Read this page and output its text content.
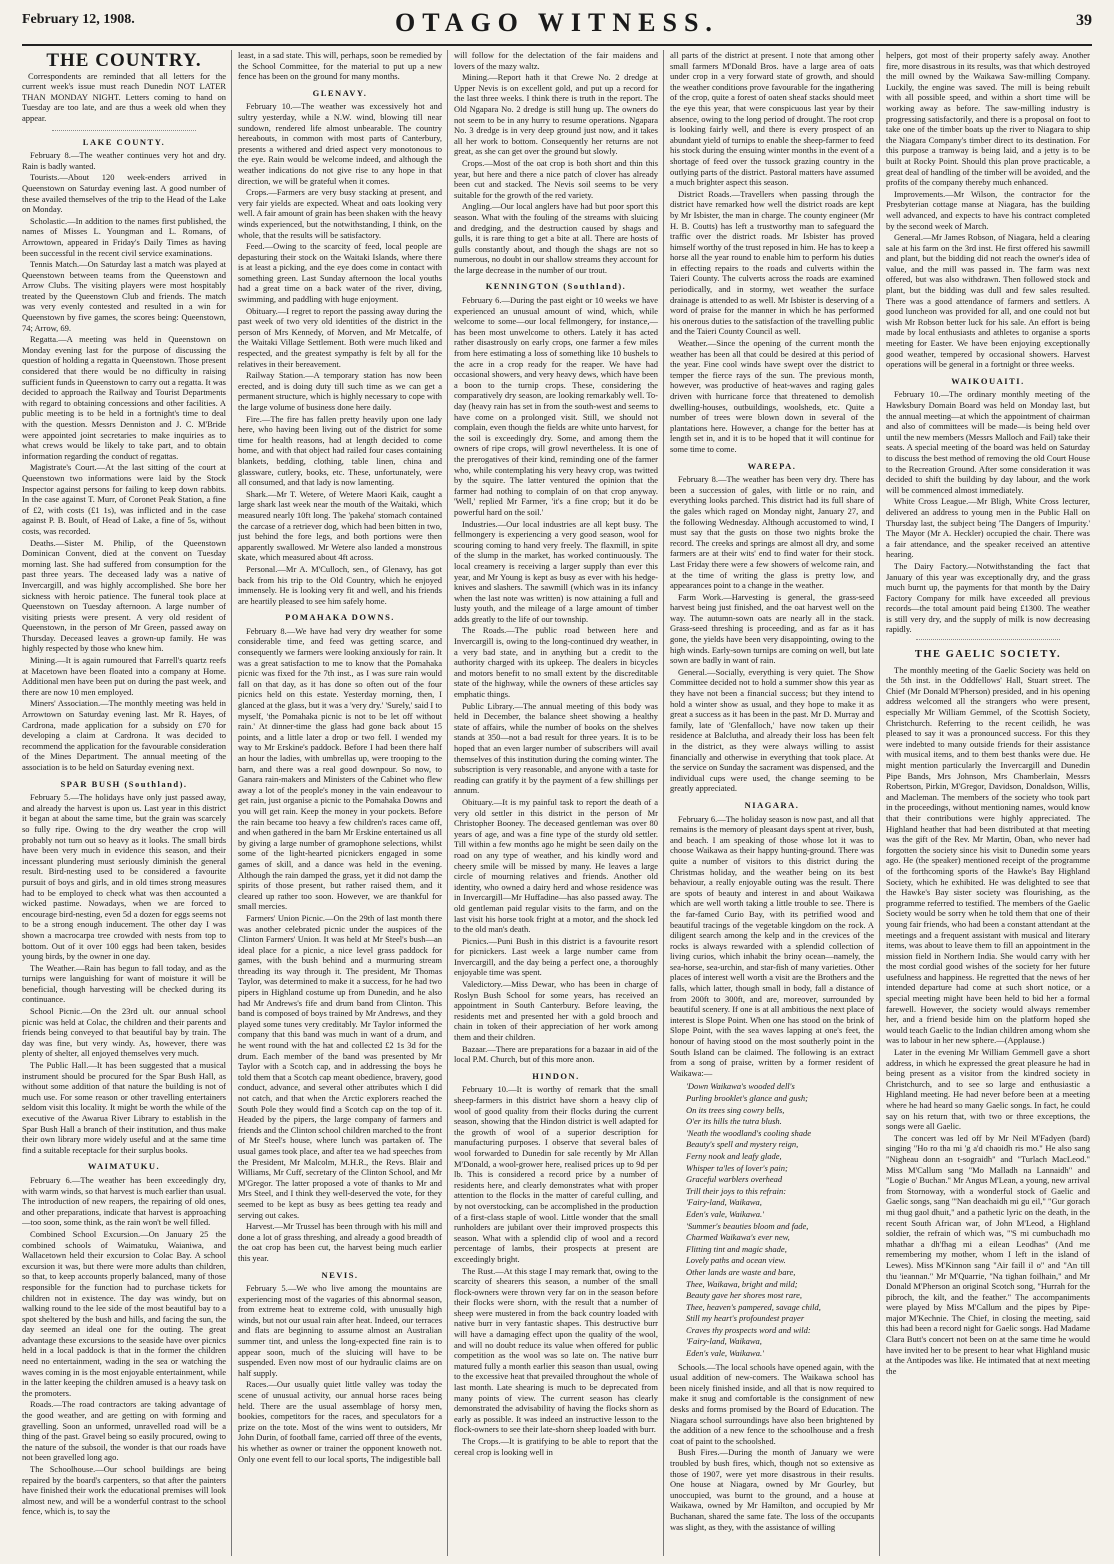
February 12, 1908.	OTAGO WITNESS.	39
THE COUNTRY.

Correspondents are reminded that all letters for the current week's issue must reach Dunedin NOT LATER THAN MONDAY NIGHT. Letters coming to hand on Tuesday are too late, and are thus a week old when they appear.

LAKE COUNTY.

February 8.—The weather continues very hot and dry. Rain is badly wanted.

Tourists.—About 120 week-enders arrived in Queenstown on Saturday evening last. A good number of these availed themselves of the trip to the Head of the Lake on Monday.

Scholastic.—In addition to the names first published, the names of Misses L. Youngman and L. Romans, of Arrowtown, appeared in Friday's Daily Times as having been successful in the recent civil service examinations.

Tennis Match.—On Saturday last a match was played at Queenstown between teams from the Queenstown and Arrow Clubs. The visiting players were most hospitably treated by the Queenstown Club and friends. The match was very evenly contested and resulted in a win for Queenstown by five games, the scores being: Queenstown, 74; Arrow, 69.

Regatta.—A meeting was held in Queenstown on Monday evening last for the purpose of discussing the question of holding a regatta in Queenstown. Those present considered that there would be no difficulty in raising sufficient funds in Queenstown to carry out a regatta. It was decided to approach the Railway and Tourist Departments with regard to obtaining concessions and other facilities. A public meeting is to be held in a fortnight's time to deal with the question. Messrs Denniston and J. C. M'Bride were appointed joint secretaries to make inquiries as to what crews would be likely to take part, and to obtain information regarding the conduct of regattas.

Magistrate's Court.—At the last sitting of the court at Queenstown two informations were laid by the Stock Inspector against persons for failing to keep down rabbits. In the case against T. Murr, of Coronet Peak Station, a fine of £2, with costs (£1 1s), was inflicted and in the case against P. B. Boult, of Head of Lake, a fine of 5s, without costs, was recorded.

Deaths.—Sister M. Philip, of the Queenstown Dominican Convent, died at the convent on Tuesday morning last. She had suffered from consumption for the past three years. The deceased lady was a native of Invercargill, and was highly accomplished. She bore her sickness with heroic patience. The funeral took place at Queenstown on Tuesday afternoon. A large number of visiting priests were present. A very old resident of Queenstown, in the person of Mr Green, passed away on Thursday. Deceased leaves a grown-up family. He was highly respected by those who knew him.

Mining.—It is again rumoured that Farrell's quartz reefs at Macetown have been floated into a company at Home. Additional men have been put on during the past week, and there are now 10 men employed.

Miners' Association.—The monthly meeting was held in Arrowtown on Saturday evening last. Mr R. Hayes, of Cardrona, made application for a subsidy on £70 for developing a claim at Cardrona. It was decided to recommend the application for the favourable consideration of the Mines Department. The annual meeting of the association is to be held on Saturday evening next.

SPAR BUSH (Southland).

February 5.—The holidays have only just passed away, and already the harvest is upon us. Last year in this district it began at about the same time, but the grain was scarcely so fully ripe. Owing to the dry weather the crop will probably not turn out so heavy as it looks. The small birds have been very much in evidence this season, and their incessant plundering must seriously diminish the general result. Bird-nesting used to be considered a favourite pursuit of boys and girls, and in old times strong measures had to be employed to check what was then accounted a wicked pastime. Nowadays, when we are forced to encourage bird-nesting, even 5d a dozen for eggs seems not to be a strong enough inducement. The other day I was shown a macrocarpa tree crowded with nests from top to bottom. Out of it over 100 eggs had been taken, besides young birds, by the owner in one day.

The Weather.—Rain has begun to fall today, and as the turnips were languishing for want of moisture it will be beneficial, though harvesting will be checked during its continuance.

School Picnic.—On the 23rd ult. our annual school picnic was held at Colac, the children and their parents and friends being conveyed to that beautiful bay by train. The day was fine, but very windy. As, however, there was plenty of shelter, all enjoyed themselves very much.

The Public Hall.—It has been suggested that a musical instrument should be procured for the Spar Bush Hall, as without some addition of that nature the building is not of much use. For some reason or other travelling entertainers seldom visit this locality. It might be worth the while of the executive of the Awarua River Library to establish in the Spar Bush Hall a branch of their institution, and thus make their own library more widely useful and at the same time find a suitable receptacle for their surplus books.

WAIMATUKU.

February 6.—The weather has been exceedingly dry, with warm winds, so that harvest is much earlier than usual. The introduction of new reapers, the repairing of old ones, and other preparations, indicate that harvest is approaching—too soon, some think, as the rain won't be well filled.

Combined School Excursion.—On January 25 the combined schools of Waimatuku, Waianiwa, and Wallacetown held their excursion to Colac Bay. A school excursion it was, but there were more adults than children, so that, to keep accounts properly balanced, many of those responsible for the function had to purchase tickets for children not in existence. The day was windy, but on walking round to the lee side of the most beautiful bay to a spot sheltered by the bush and hills, and facing the sun, the day seemed an ideal one for the outing. The great advantage these excursions to the seaside have over picnics held in a local paddock is that in the former the children need no entertainment, wading in the sea or watching the waves coming in is the most enjoyable entertainment, while in the latter keeping the children amused is a heavy task on the promoters.

Roads.—The road contractors are taking advantage of the good weather, and are getting on with forming and gravelling. Soon an unformed, unravelled road will be a thing of the past. Gravel being so easily procured, owing to the nature of the subsoil, the wonder is that our roads have not been gravelled long ago.

The Schoolhouse.—Our school buildings are being repaired by the board's carpenters, so that after the painters have finished their work the educational premises will look almost new, and will be a wonderful contrast to the school fence, which is, to say the

least, in a sad state. This will, perhaps, soon be remedied by the School Committee, for the material to put up a new fence has been on the ground for many months.

GLENAVY.

February 10.—The weather was excessively hot and sultry yesterday, while a N.W. wind, blowing till near sundown, rendered life almost unbearable. The country hereabouts, in common with most parts of Canterbury, presents a withered and dried aspect very monotonous to the eye. Rain would be welcome indeed, and although the weather indications do not give rise to any hope in that direction, we will be grateful when it comes.

Crops.—Farmers are very busy stacking at present, and very fair yields are expected. Wheat and oats looking very well. A fair amount of grain has been shaken with the heavy winds experienced, but the notwithstanding, I think, on the whole, that the results will be satisfactory.

Feed.—Owing to the scarcity of feed, local people are depasturing their stock on the Waitaki Islands, where there is at least a picking, and the eye does come in contact with something green. Last Sunday afternoon the local youths had a great time on a back water of the river, diving, swimming, and paddling with huge enjoyment.

Obituary.—I regret to report the passing away during the past week of two very old identities of the district in the person of Mrs Kennedy, of Morven, and Mr Metcalfe, of the Waitaki Village Settlement. Both were much liked and respected, and the greatest sympathy is felt by all for the relatives in their bereavement.

Railway Station.—A temporary station has now been erected, and is doing duty till such time as we can get a permanent structure, which is highly necessary to cope with the large volume of business done here daily.

Fire.—The fire has fallen pretty heavily upon one lady here, who having been living out of the district for some time for health reasons, had at length decided to come home, and with that object had railed four cases containing blankets, bedding, clothing, table linen, china and glassware, cutlery, books, etc. These, unfortunately, were all consumed, and that lady is now lamenting.

Shark.—Mr T. Wetere, of Wetere Maori Kaik, caught a large shark last week near the mouth of the Waitaki, which measured nearly 10ft long. The 'pakeha' stomach contained the carcase of a retriever dog, which had been bitten in two, just behind the fore legs, and both portions were then apparently swallowed. Mr Wetere also landed a monstrous skate, which measured about 4ft across.

Personal.—Mr A. M'Culloch, sen., of Glenavy, has got back from his trip to the Old Country, which he enjoyed immensely. He is looking very fit and well, and his friends are heartily pleased to see him safely home.

POMAHAKA DOWNS.

February 8.—We have had very dry weather for some considerable time, and feed was getting scarce, and consequently we farmers were looking anxiously for rain. It was a great satisfaction to me to know that the Pomahaka picnic was fixed for the 7th inst., as I was sure rain would fall on that day, as it has done so often out of the four picnics held on this estate. Yesterday morning, then, I glanced at the glass, but it was a 'very dry.' 'Surely,' said I to myself, 'the Pomahaka picnic is not to be let off without rain.' At dinner-time the glass had gone back about 15 points, and a little later a drop or two fell. I wended my way to Mr Erskine's paddock. Before I had been there half an hour the ladies, with umbrellas up, were trooping to the barn, and there was a real good downpour. So now, to Ganara rain-makers and Ministers of the Cabinet who flew away a lot of the people's money in the vain endeavour to get rain, just organise a picnic to the Pomahaka Downs and you will get rain. Keep the money in your pockets. Before the rain became too heavy a few children's races came off, and when gathered in the barn Mr Erskine entertained us all by giving a large number of gramophone selections, whilst some of the light-hearted picnickers engaged in some games of skill, and a dance was held in the evening. Although the rain damped the grass, yet it did not damp the spirits of those present, but rather raised them, and it cleared up rather too soon. However, we are thankful for small mercies.

Farmers' Union Picnic.—On the 29th of last month there was another celebrated picnic under the auspices of the Clinton Farmers' Union. It was held at Mr Steel's bush—an ideal place for a picnic, a nice level grass paddock for games, with the bush behind and a murmuring stream threading its way through it. The president, Mr Thomas Taylor, was determined to make it a success, for he had two pipers in Highland costume up from Dunedin, and he also had Mr Andrews's fife and drum band from Clinton. This band is composed of boys trained by Mr Andrews, and they played some tunes very creditably. Mr Taylor informed the company that this band was much in want of a drum, and he went round with the hat and collected £2 1s 3d for the drum. Each member of the band was presented by Mr Taylor with a Scotch cap, and in addressing the boys he told them that a Scotch cap meant obedience, bravery, good conduct, advance, and several other attributes which I did not catch, and that when the Arctic explorers reached the South Pole they would find a Scotch cap on the top of it. Headed by the pipers, the large company of farmers and friends and the Clinton school children marched to the front of Mr Steel's house, where lunch was partaken of. The usual games took place, and after tea we had speeches from the President, Mr Malcolm, M.H.R., the Revs. Blair and Williams, Mr Cuff, secretary of the Clinton School, and Mr M'Gregor. The latter proposed a vote of thanks to Mr and Mrs Steel, and I think they well-deserved the vote, for they seemed to be kept as busy as bees getting tea ready and serving out cakes.

Harvest.—Mr Trussel has been through with his mill and done a lot of grass threshing, and already a good breadth of the oat crop has been cut, the harvest being much earlier this year.

NEVIS.

February 5.—We who live among the mountains are experiencing most of the vagaries of this abnormal season, from extreme heat to extreme cold, with unusually high winds, but not our usual rain after heat. Indeed, our terraces and flats are beginning to assume almost an Australian summer tint, and unless the long-expected fine rain is to appear soon, much of the sluicing will have to be suspended. Even now most of our hydraulic claims are on half supply.

Races.—Our usually quiet little valley was today the scene of unusual activity, our annual horse races being held. There are the usual assemblage of horsy men, bookies, competitors for the races, and speculators for a prize on the tote. Most of the wins went to outsiders, Mr John Durin, of football fame, carried off three of the events, his whether as owner or trainer the opponent knoweth not. Only one event fell to our local sports, The indigestible ball

will follow for the delectation of the fair maidens and lovers of the mazy waltz.

Mining.—Report hath it that Crewe No. 2 dredge at Upper Nevis is on excellent gold, and put up a record for the last three weeks. I think there is truth in the report. The Old Ngapara No. 2 dredge is still hung up. The owners do not seem to be in any hurry to resume operations. Ngapara No. 3 dredge is in very deep ground just now, and it takes all her work to bottom. Consequently her returns are not great, as she can get over the ground but slowly.

Crops.—Most of the oat crop is both short and thin this year, but here and there a nice patch of clover has already been cut and stacked. The Nevis soil seems to be very suitable for the growth of the red variety.

Angling.—Our local anglers have had but poor sport this season. What with the fouling of the streams with sluicing and dredging, and the destruction caused by shags and gulls, it is rare thing to get a bite at all. There are hosts of gulls constantly about, and though the shags are not so numerous, no doubt in our shallow streams they account for the large decrease in the number of our trout.

KENNINGTON (Southland).

February 6.—During the past eight or 10 weeks we have experienced an unusual amount of wind, which, while welcome to some—our local fellmongery, for instance,—has been most unwelcome to others. Lately it has acted rather disastrously on early crops, one farmer a few miles from here estimating a loss of something like 10 bushels to the acre in a crop ready for the reaper. We have had occasional showers, and very heavy dews, which have been a boon to the turnip crops. These, considering the comparatively dry season, are looking remarkably well. To-day (heavy rain has set in from the south-west and seems to have come on a prolonged visit. Still, we should not complain, even though the fields are white unto harvest, for the soil is exceedingly dry. Some, and among them the owners of ripe crops, will growl nevertheless. It is one of the prerogatives of their kind, reminding one of the farmer who, while contemplating his very heavy crop, was twitted by the squire. The latter ventured the opinion that the farmer had nothing to complain of on that crop anyway. 'Well,' replied Mr Farmer, 'it's a fine crop; but it do be powerful hard on the soil.'

Industries.—Our local industries are all kept busy. The fellmongery is experiencing a very good season, wool for scouring coming to hand very freely. The flaxmill, in spite of the slump in the market, has worked continuously. The local creamery is receiving a larger supply than ever this year, and Mr Young is kept as busy as ever with his hedge-knives and slashers. The sawmill (which was in its infancy when the last note was written) is now attaining a full and lusty youth, and the mileage of a large amount of timber adds greatly to the life of our township.

The Roads.—The public road between here and Invercargill is, owing to the long-continued dry weather, in a very bad state, and in anything but a credit to the authority charged with its upkeep. The dealers in bicycles and motors benefit to no small extent by the discreditable state of the highway, while the owners of these articles say emphatic things.

Public Library.—The annual meeting of this body was held in December, the balance sheet showing a healthy state of affairs, while the number of books on the shelves stands at 350—not a bad result for three years. It is to be hoped that an even larger number of subscribers will avail themselves of this institution during the coming winter. The subscription is very reasonable, and anyone with a taste for reading can gratify it by the payment of a few shillings per annum.

Obituary.—It is my painful task to report the death of a very old settler in this district in the person of Mr Christopher Booney. The deceased gentleman was over 80 years of age, and was a fine type of the sturdy old settler. Till within a few months ago he might be seen daily on the road on any type of weather, and his kindly word and cheery smile will be missed by many. He leaves a large circle of mourning relatives and friends. Another old identity, who owned a dairy herd and whose residence was in Invercargill—Mr Huffadine—has also passed away. The old gentleman paid regular visits to the farm, and on the last visit his horse took fright at a motor, and the shock led to the old man's death.

Picnics.—Puni Bush in this district is a favourite resort for picnickers. Last week a large number came from Invercargill, and the day being a perfect one, a thoroughly enjoyable time was spent.

Valedictory.—Miss Dewar, who has been in charge of Roslyn Bush School for some years, has received an appointment in South Canterbury. Before leaving, the residents met and presented her with a gold brooch and chain in token of their appreciation of her work among them and their children.

Bazaar.—There are preparations for a bazaar in aid of the local P.M. Church, but of this more anon.

HINDON.

February 10.—It is worthy of remark that the small sheep-farmers in this district have shorn a heavy clip of wool of good quality from their flocks during the current season, showing that the Hindon district is well adapted for the growth of wool of a superior description for manufacturing purposes. I observe that several bales of wool forwarded to Dunedin for sale recently by Mr Allan M'Donald, a wool-grower here, realised prices up to 9d per lb. This is considered a record price by a number of residents here, and clearly demonstrates what with proper attention to the flocks in the matter of careful culling, and by not overstocking, can be accomplished in the production of a first-class staple of wool. Little wonder that the small runholders are jubilant over their improved prospects this season. What with a splendid clip of wool and a record percentage of lambs, their prospects at present are exceedingly bright.

The Rust.—At this stage I may remark that, owing to the scarcity of shearers this season, a number of the small flock-owners were thrown very far on in the season before their flocks were shorn, with the result that a number of sheep were mustered in from the back country loaded with native burr in very fantastic shapes. This destructive burr will have a damaging effect upon the quality of the wool, and will no doubt reduce its value when offered for public competition as the wool was so late on. The native burr matured fully a month earlier this season than usual, owing to the excessive heat that prevailed throughout the whole of last month. Late shearing is much to be deprecated from many points of view. The current season has clearly demonstrated the advisability of having the flocks shorn as early as possible. It was indeed an instructive lesson to the flock-owners to see their late-shorn sheep loaded with burr.

The Crops.—It is gratifying to be able to report that the cereal crop is looking well in

all parts of the district at present. I note that among other small farmers M'Donald Bros. have a large area of oats under crop in a very forward state of growth, and should the weather conditions prove favourable for the ingathering of the crop, quite a forest of oaten sheaf stacks should meet the eye this year, that were conspicuous last year by their absence, owing to the long period of drought. The root crop is looking fairly well, and there is every prospect of an abundant yield of turnips to enable the sheep-farmer to feed his stock during the ensuing winter months in the event of a shortage of feed over the tussock grazing country in the outlying parts of the district. Pastoral matters have assumed a much brighter aspect this season.

District Roads.—Travellers when passing through the district have remarked how well the district roads are kept by Mr Isbister, the man in charge. The county engineer (Mr H. B. Coutts) has left a trustworthy man to safeguard the traffic over the district roads. Mr Isbister has proved himself worthy of the trust reposed in him. He has to keep a horse all the year round to enable him to perform his duties in effecting repairs to the roads and culverts within the Taieri County. The culverts across the roads are examined periodically, and in stormy, wet weather the surface drainage is attended to as well. Mr Isbister is deserving of a word of praise for the manner in which he has performed his onerous duties to the satisfaction of the travelling public and the Taieri County Council as well.

Weather.—Since the opening of the current month the weather has been all that could be desired at this period of the year. Fine cool winds have swept over the district to temper the fierce rays of the sun. The previous month, however, was productive of heat-waves and raging gales driven with hurricane force that threatened to demolish dwelling-houses, outbuildings, woolsheds, etc. Quite a number of trees were blown down in several of the plantations here. However, a change for the better has at length set in, and it is to be hoped that it will continue for some time to come.

WAREPA.

February 8.—The weather has been very dry. There has been a succession of gales, with little or no rain, and everything looks parched. This district had its full share of the gales which raged on Monday night, January 27, and the following Wednesday. Although accustomed to wind, I must say that the gusts on those two nights broke the record. The creeks and springs are almost all dry, and some farmers are at their wits' end to find water for their stock. Last Friday there were a few showers of welcome rain, and at the time of writing the glass is pretty low, and appearances point to a change in the weather.

Farm Work.—Harvesting is general, the grass-seed harvest being just finished, and the oat harvest well on the way. The autumn-sown oats are nearly all in the stack. Grass-seed threshing is proceeding, and as far as it has gone, the yields have been very disappointing, owing to the high winds. Early-sown turnips are coming on well, but late sown are badly in want of rain.

General.—Socially, everything is very quiet. The Show Committee decided not to hold a summer show this year as they have not been a financial success; but they intend to hold a winter show as usual, and they hope to make it as great a success as it has been in the past. Mr D. Murray and family, late of 'Glenfalloch,' have now taken up their residence at Balclutha, and already their loss has been felt in the district, as they were always willing to assist financially and otherwise in everything that took place. At the service on Sunday the sacrament was dispensed, and the individual cups were used, the change seeming to be greatly appreciated.

NIAGARA.

February 6.—The holiday season is now past, and all that remains is the memory of pleasant days spent at river, bush, and beach. I am speaking of those whose lot it was to choose Waikawa as their happy hunting-ground. There was quite a number of visitors to this district during the Christmas holiday, and the weather being on its best behaviour, a really enjoyable outing was the result. There are spots of beauty and interest in and about Waikawa which are well worth taking a little trouble to see. There is the far-famed Curio Bay, with its petrified wood and beautiful tracings of the vegetable kingdom on the rock. A diligent search among the kelp and in the crevices of the rocks is always rewarded with a splendid collection of living curios, which inhabit the briny ocean—namely, the sea-horse, sea-urchin, and star-fish of many varieties. Other places of interest well worth a visit are the Brothers and the falls, which latter, though small in body, fall a distance of from 200ft to 300ft, and are, moreover, surrounded by beautiful scenery. If one is at all ambitious the next place of interest is Slope Point. When one has stood on the brink of Slope Point, with the sea waves lapping at one's feet, the honour of having stood on the most southerly point in the South Island can be claimed. The following is an extract from a song of praise, written by a former resident of Waikawa:—

'Down Waikawa's wooded dell's

Purling brooklet's glance and gush;

On its trees sing cowry bells,

O'er its hills the tutra blush.

'Neath the woodland's cooling shade

Beauty's spell and mystery reign,

Ferny nook and leafy glade,

Whisper ta'les of lover's pain;

Graceful warblers overhead

Trill their joys to this refrain:

'Fairy-land, Waikawa,

Eden's vale, Waikawa.'

'Summer's beauties bloom and fade,

Charmed Waikawa's ever new,

Flitting tint and magic shade,

Lovely paths and ocean view.

Other lands are waste and bare,

Thee, Waikawa, bright and mild;

Beauty gave her shores most rare,

Thee, heaven's pampered, savage child,

Still my heart's profoundest prayer

Craves thy prospects word and wild:

'Fairy-land, Waikawa,

Eden's vale, Waikawa.'

Schools.—The local schools have opened again, with the usual addition of new-comers. The Waikawa school has been nicely finished inside, and all that is now required to make it snug and comfortable is the consignment of new desks and forms promised by the Board of Education. The Niagara school surroundings have also been brightened by the addition of a new fence to the schoolhouse and a fresh coat of paint to the schoolshed.

Bush Fires.—During the month of January we were troubled by bush fires, which, though not so extensive as those of 1907, were yet more disastrous in their results. One house at Niagara, owned by Mr Gourley, but unoccupied, was burnt to the ground, and a house at Waikawa, owned by Mr Hamilton, and occupied by Mr Buchanan, shared the same fate. The loss of the occupants was slight, as they, with the assistance of willing

helpers, got most of their property safely away. Another fire, more disastrous in its results, was that which destroyed the mill owned by the Waikawa Saw-milling Company. Luckily, the engine was saved. The mill is being rebuilt with all possible speed, and within a short time will be working away as before. The saw-milling industry is progressing satisfactorily, and there is a proposal on foot to take one of the timber boats up the river to Niagara to ship the Niagara Company's timber direct to its destination. For this purpose a tramway is being laid, and a jetty is to be built at Rocky Point. Should this plan prove practicable, a great deal of handling of the timber will be avoided, and the profits of the company thereby much enhanced.

Improvements.—Mr Wilson, the contractor for the Presbyterian cottage manse at Niagara, has the building well advanced, and expects to have his contract completed by the second week of March.

General.—Mr James Robson, of Niagara, held a clearing sale at his farm on the 3rd inst. He first offered his sawmill and plant, but the bidding did not reach the owner's idea of value, and the mill was passed in. The farm was next offered, but was also withdrawn. Then followed stock and plant, but the bidding was dull and few sales resulted. There was a good attendance of farmers and settlers. A good luncheon was provided for all, and one could not but wish Mr Robson better luck for his sale. An effort is being made by local enthusiasts and athletes to organise a sports meeting for Easter. We have been enjoying exceptionally good weather, tempered by occasional showers. Harvest operations will be general in a fortnight or three weeks.

WAIKOUAITI.

February 10.—The ordinary monthly meeting of the Hawksbury Domain Board was held on Monday last, but the annual meeting—at which the appointment of chairman and also of committees will be made—is being held over until the new members (Messrs Malloch and Fail) take their seats. A special meeting of the board was held on Saturday to discuss the best method of removing the old Court House to the Recreation Ground. After some consideration it was decided to shift the building by day labour, and the work will be commenced almost immediately.

White Cross League.—Mr Bligh, White Cross lecturer, delivered an address to young men in the Public Hall on Thursday last, the subject being 'The Dangers of Impurity.' The Mayor (Mr A. Heckler) occupied the chair. There was a fair attendance, and the speaker received an attentive hearing.

The Dairy Factory.—Notwithstanding the fact that January of this year was exceptionally dry, and the grass much burnt up, the payments for that month by the Dairy Factory Company for milk have exceeded all previous records—the total amount paid being £1300. The weather is still very dry, and the supply of milk is now decreasing rapidly.

THE GAELIC SOCIETY.

The monthly meeting of the Gaelic Society was held on the 5th inst. in the Oddfellows' Hall, Stuart street. The Chief (Mr Donald M'Pherson) presided, and in his opening address welcomed all the strangers who were present, especially Mr William Gemmel, of the Scottish Society, Christchurch. Referring to the recent ceilidh, he was pleased to say it was a pronounced success. For this they were indebted to many outside friends for their assistance with musical items, and to them best thanks were due. He might mention particularly the Invercargill and Dunedin Pipe Bands, Mrs Johnson, Mrs Chamberlain, Messrs Robertson, Pirkin, M'Gregor, Davidson, Donaldson, Willis, and Macleman. The members of the society who took part in the proceedings, without mentioning names, would know that their contributions were highly appreciated. The Highland heather that had been distributed at that meeting was the gift of the Rev. Mr Martin, Oban, who never had forgotten the society since his visit to Dunedin some years ago. He (the speaker) mentioned receipt of the programme of the forthcoming sports of the Hawke's Bay Highland Society, which he exhibited. He was delighted to see that the Hawke's Bay sister society was flourishing, as the programme referred to testified. The members of the Gaelic Society would be sorry when he told them that one of their young fair friends, who had been a constant attendant at the meetings and a frequent assistant with musical and literary items, was about to leave them to fill an appointment in the mission field in Northern India. She would carry with her the most cordial good wishes of the society for her future usefulness and happiness. He regretted that the news of her intended departure had come at such short notice, or a special meeting might have been held to bid her a formal farewell. However, the society would always remember her, and a friend beside him on the platform hoped she would teach Gaelic to the Indian children among whom she was to labour in her new sphere.—(Applause.)

Later in the evening Mr William Gemmell gave a short address, in which he expressed the great pleasure he had in being present as a visitor from the kindred society in Christchurch, and to see so large and enthusiastic a Highland meeting. He had never before been at a meeting where he had heard so many Gaelic songs. In fact, he could say on his return that, with two or three exceptions, the songs were all Gaelic.

The concert was led off by Mr Neil M'Fadyen (bard) singing "Ho ro tha mi 'g a'd chaoidh ris mo." He also sang "Nigheau donn an t-sograidh" and "Turlach MacLeod." Miss M'Callum sang "Mo Malladh na Lannaidh" and "Logie o' Buchan." Mr Angus M'Lean, a young, new arrival from Stornoway, with a wonderful stock of Gaelic and Gaelic songs, sang "'Nan deachaidh mi gu eil," "Gur gorach mi thug gaol dhuit," and a pathetic lyric on the death, in the recent South African war, of John M'Leod, a Highland soldier, the refrain of which was, "'S mi cumbuchadh mo mhathar a dh'fhag mi a eilean Leodhas" (And me remembering my mother, whom I left in the island of Lewes). Miss M'Kinnon sang "Air faill il o" and "An till thu 'ieannan." Mr M'Quarrie, "Na tighan foilhain," and Mr Donald M'Pherson an original Scotch song, "Hurrah for the pibroch, the kilt, and the feather." The accompaniments were played by Miss M'Callum and the pipes by Pipe-major M'Kechnie. The Chief, in closing the meeting, said this had been a record night for Gaelic songs. Had Madame Clara Butt's concert not been on at the same time he would have invited her to be present to hear what Highland music at the Antipodes was like. He intimated that at next meeting the
